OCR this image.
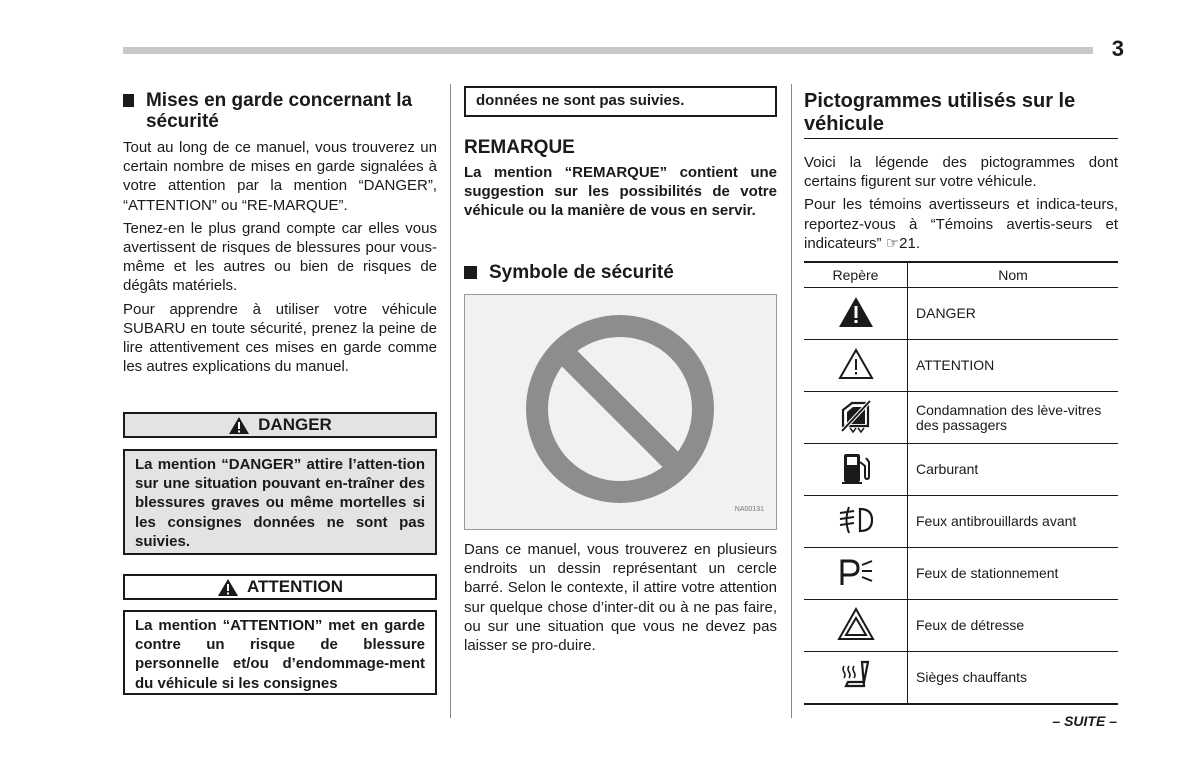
3
Mises en garde concernant la sécurité

Tout au long de ce manuel, vous trouverez un certain nombre de mises en garde signalées à votre attention par la mention “DANGER”, “ATTENTION” ou “RE-MARQUE”.

Tenez-en le plus grand compte car elles vous avertissent de risques de blessures pour vous-même et les autres ou bien de risques de dégâts matériels.

Pour apprendre à utiliser votre véhicule SUBARU en toute sécurité, prenez la peine de lire attentivement ces mises en garde comme les autres explications du manuel.

DANGER
La mention “DANGER” attire l’atten-tion sur une situation pouvant en-traîner des blessures graves ou même mortelles si les consignes données ne sont pas suivies.
ATTENTION
La mention “ATTENTION” met en garde contre un risque de blessure personnelle et/ou d’endommage-ment du véhicule si les consignes
données ne sont pas suivies.
REMARQUE
La mention “REMARQUE” contient une suggestion sur les possibilités de votre véhicule ou la manière de vous en servir.
Symbole de sécurité
NA00131
Dans ce manuel, vous trouverez en plusieurs endroits un dessin représentant un cercle barré. Selon le contexte, il attire votre attention sur quelque chose d’inter-dit ou à ne pas faire, ou sur une situation que vous ne devez pas laisser se pro-duire.
Pictogrammes utilisés sur le véhicule

Voici la légende des pictogrammes dont certains figurent sur votre véhicule.

Pour les témoins avertisseurs et indica-teurs, reportez-vous à “Témoins avertis-seurs et indicateurs” ☞21.

Repère	Nom
	DANGER
	ATTENTION
	Condamnation des lève-vitres des passagers
	Carburant
	Feux antibrouillards avant
	Feux de stationnement
	Feux de détresse
	Sièges chauffants
– SUITE –
